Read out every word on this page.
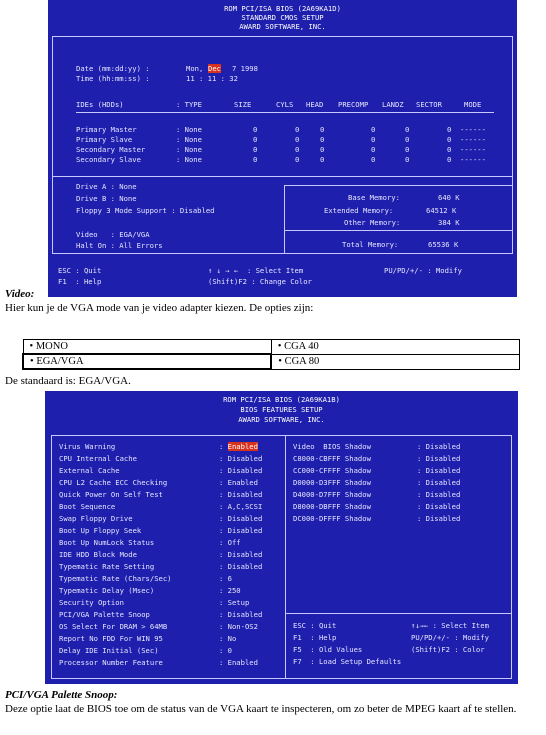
ROM PCI/ISA BIOS (2A69KA1D)
STANDARD CMOS SETUP
AWARD SOFTWARE, INC.
Date (mm:dd:yy) :	Mon, Dec 7 1998
Time (hh:mm:ss) :	11 : 11 : 32
IDEs (HDDs)	: TYPE	SIZE	CYLS HEAD PRECOMP LANDZ SECTOR	MODE
Primary Master	: None	0	0	0	0	0	0 ------
Primary Slave	: None	0	0	0	0	0	0 ------
Secondary Master	: None	0	0	0	0	0	0 ------
Secondary Slave	: None	0	0	0	0	0	0 ------
Drive A : None
Drive B : None
Floppy 3 Mode Support : Disabled
Video   : EGA/VGA
Halt On : All Errors
Base Memory:	640 K
Extended Memory:	64512 K
Other Memory:	384 K
Total Memory:	65536 K
ESC : Quit
F1  : Help
↑ ↓ → ←  : Select Item
(Shift)F2 : Change Color
PU/PD/+/- : Modify
Video:
Hier kun je de VGA mode van je video adapter kiezen. De opties zijn:
• MONO	• CGA 40
• EGA/VGA	• CGA 80
De standaard is: EGA/VGA.
ROM PCI/ISA BIOS (2A69KA1B)
BIOS FEATURES SETUP
AWARD SOFTWARE, INC.
Virus Warning	: Enabled
CPU Internal Cache	: Disabled
External Cache	: Disabled
CPU L2 Cache ECC Checking	: Enabled
Quick Power On Self Test	: Disabled
Boot Sequence	: A,C,SCSI
Swap Floppy Drive	: Disabled
Boot Up Floppy Seek	: Disabled
Boot Up NumLock Status	: Off
IDE HDD Block Mode	: Disabled
Typematic Rate Setting	: Disabled
Typematic Rate (Chars/Sec)	: 6
Typematic Delay (Msec)	: 250
Security Option	: Setup
PCI/VGA Palette Snoop	: Disabled
OS Select For DRAM > 64MB	: Non-OS2
Report No FDD For WIN 95	: No
Delay IDE Initial (Sec)	: 0
Processor Number Feature	: Enabled
Video  BIOS Shadow	: Disabled
C8000-CBFFF Shadow	: Disabled
CC000-CFFFF Shadow	: Disabled
D0000-D3FFF Shadow	: Disabled
D4000-D7FFF Shadow	: Disabled
D8000-DBFFF Shadow	: Disabled
DC000-DFFFF Shadow	: Disabled
ESC : Quit	↑↓→← : Select Item
F1  : Help	PU/PD/+/- : Modify
F5  : Old Values	(Shift)F2 : Color
F7  : Load Setup Defaults
PCI/VGA Palette Snoop:
Deze optie laat de BIOS toe om de status van de VGA kaart te inspecteren, om zo beter de MPEG kaart af te stellen.
